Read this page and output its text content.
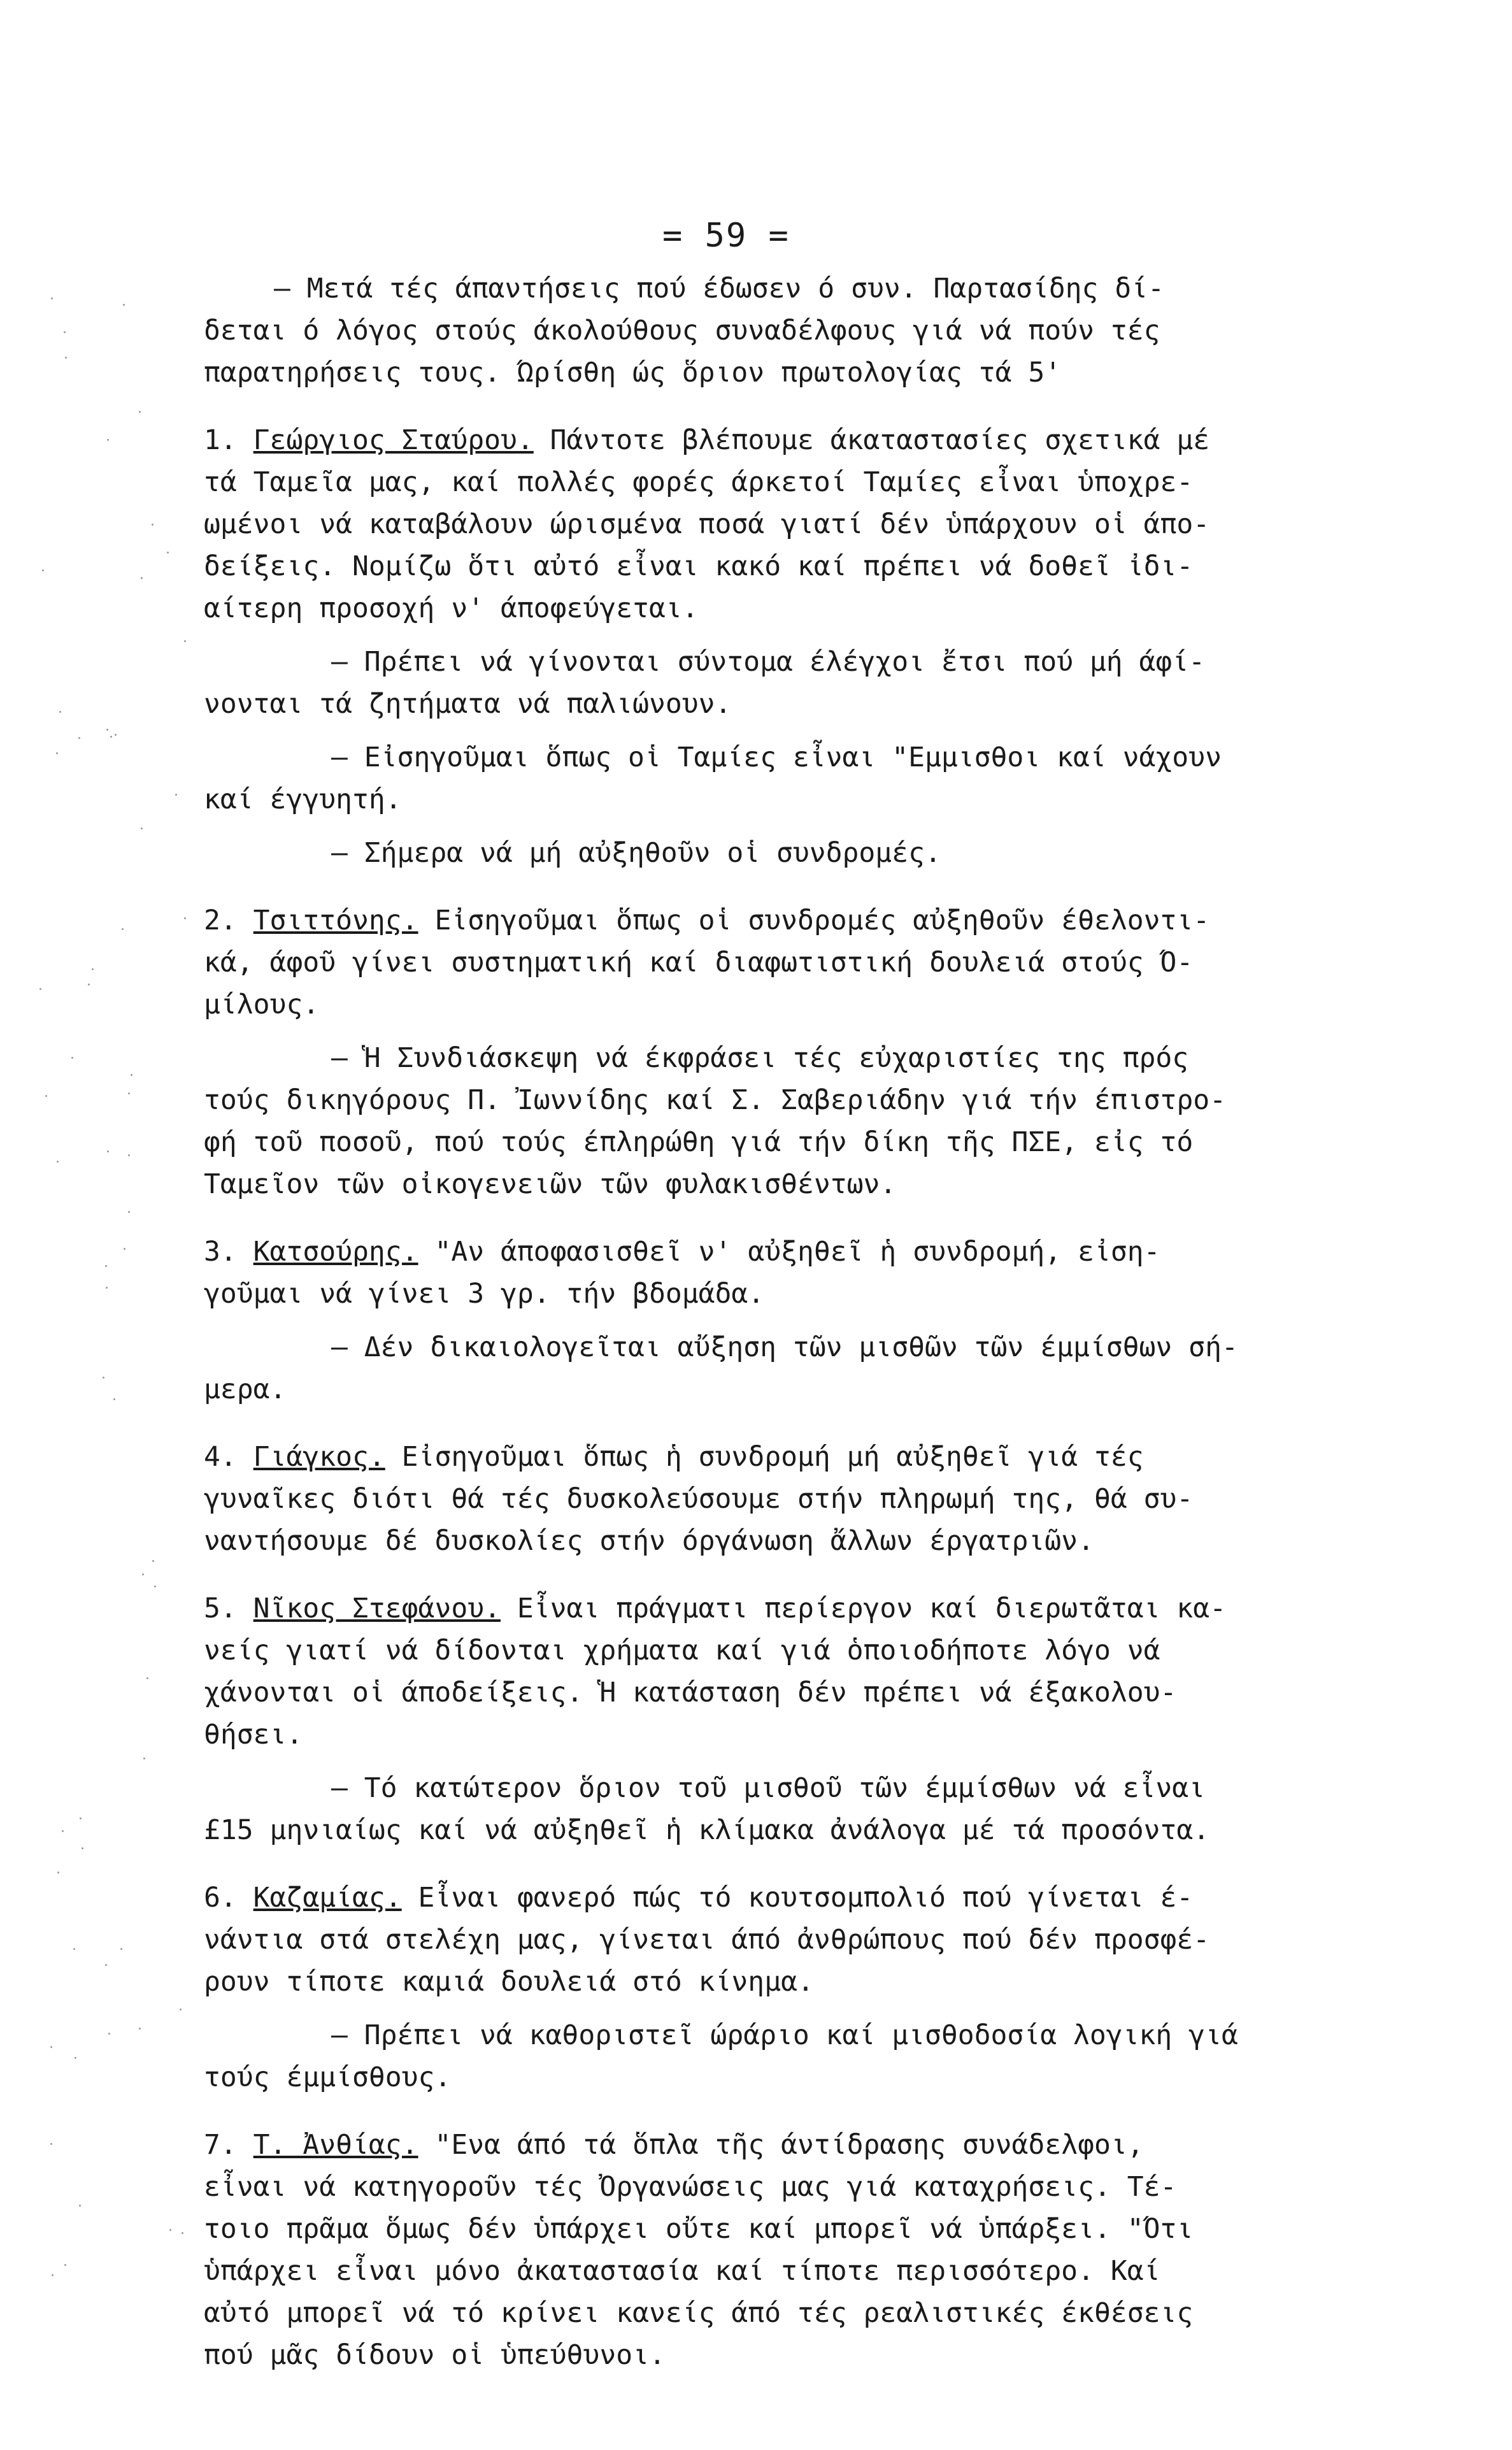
= 59 =
— Μετά τές άπαντήσεις πού έδωσεν ό συν. Παρτασίδης δί-
δεται ό λόγος στούς άκολούθους συναδέλφους γιά νά πούν τές
παρατηρήσεις τους. Ώρίσθη ώς ὅριον πρωτολογίας τά 5'
1. Γεώργιος Σταύρου. Πάντοτε βλέπουμε άκαταστασίες σχετικά μέ
τά Ταμεῖα μας, καί πολλές φορές άρκετοί Ταμίες εἶναι ὑποχρε-
ωμένοι νά καταβάλουν ώρισμένα ποσά γιατί δέν ὑπάρχουν οἱ άπο-
δείξεις. Νομίζω ὅτι αὐτό εἶναι κακό καί πρέπει νά δοθεῖ ἰδι-
αίτερη προσοχή ν' άποφεύγεται.
— Πρέπει νά γίνονται σύντομα έλέγχοι ἔτσι πού μή άφί-
νονται τά ζητήματα νά παλιώνουν.
— Εἰσηγοῦμαι ὅπως οἱ Ταμίες εἶναι "Εμμισθοι καί νάχουν
καί έγγυητή.
— Σήμερα νά μή αὐξηθοῦν οἱ συνδρομές.
2. Τσιττόνης. Εἰσηγοῦμαι ὅπως οἱ συνδρομές αὐξηθοῦν έθελοντι-
κά, άφοῦ γίνει συστηματική καί διαφωτιστική δουλειά στούς Ό-
μίλους.
— Ἡ Συνδιάσκεψη νά έκφράσει τές εὐχαριστίες της πρός
τούς δικηγόρους Π. Ἰωννίδης καί Σ. Σαβεριάδην γιά τήν έπιστρο-
φή τοῦ ποσοῦ, πού τούς έπληρώθη γιά τήν δίκη τῆς ΠΣΕ, εἰς τό
Ταμεῖον τῶν οἰκογενειῶν τῶν φυλακισθέντων.
3. Κατσούρης. "Αν άποφασισθεῖ ν' αὐξηθεῖ ἡ συνδρομή, εἰση-
γοῦμαι νά γίνει 3 γρ. τήν βδομάδα.
— Δέν δικαιολογεῖται αὔξηση τῶν μισθῶν τῶν έμμίσθων σή-
μερα.
4. Γιάγκος. Εἰσηγοῦμαι ὅπως ἡ συνδρομή μή αὐξηθεῖ γιά τές
γυναῖκες διότι θά τές δυσκολεύσουμε στήν πληρωμή της, θά συ-
ναντήσουμε δέ δυσκολίες στήν όργάνωση ἄλλων έργατριῶν.
5. Νῖκος Στεφάνου. Εἶναι πράγματι περίεργον καί διερωτᾶται κα-
νείς γιατί νά δίδονται χρήματα καί γιά ὁποιοδήποτε λόγο νά
χάνονται οἱ άποδείξεις. Ἡ κατάσταση δέν πρέπει νά έξακολου-
θήσει.
— Τό κατώτερον ὅριον τοῦ μισθοῦ τῶν έμμίσθων νά εἶναι
£15 μηνιαίως καί νά αὐξηθεῖ ἡ κλίμακα ἀνάλογα μέ τά προσόντα.
6. Καζαμίας. Εἶναι φανερό πώς τό κουτσομπολιό πού γίνεται έ-
νάντια στά στελέχη μας, γίνεται άπό ἀνθρώπους πού δέν προσφέ-
ρουν τίποτε καμιά δουλειά στό κίνημα.
— Πρέπει νά καθοριστεῖ ώράριο καί μισθοδοσία λογική γιά
τούς έμμίσθους.
7. Τ. Ἀνθίας. "Ενα άπό τά ὅπλα τῆς άντίδρασης συνάδελφοι,
εἶναι νά κατηγοροῦν τές Ὀργανώσεις μας γιά καταχρήσεις. Τέ-
τοιο πρᾶμα ὅμως δέν ὑπάρχει οὔτε καί μπορεῖ νά ὑπάρξει. "Ότι
ὑπάρχει εἶναι μόνο ἀκαταστασία καί τίποτε περισσότερο. Καί
αὐτό μπορεῖ νά τό κρίνει κανείς άπό τές ρεαλιστικές έκθέσεις
πού μᾶς δίδουν οἱ ὑπεύθυνοι.
